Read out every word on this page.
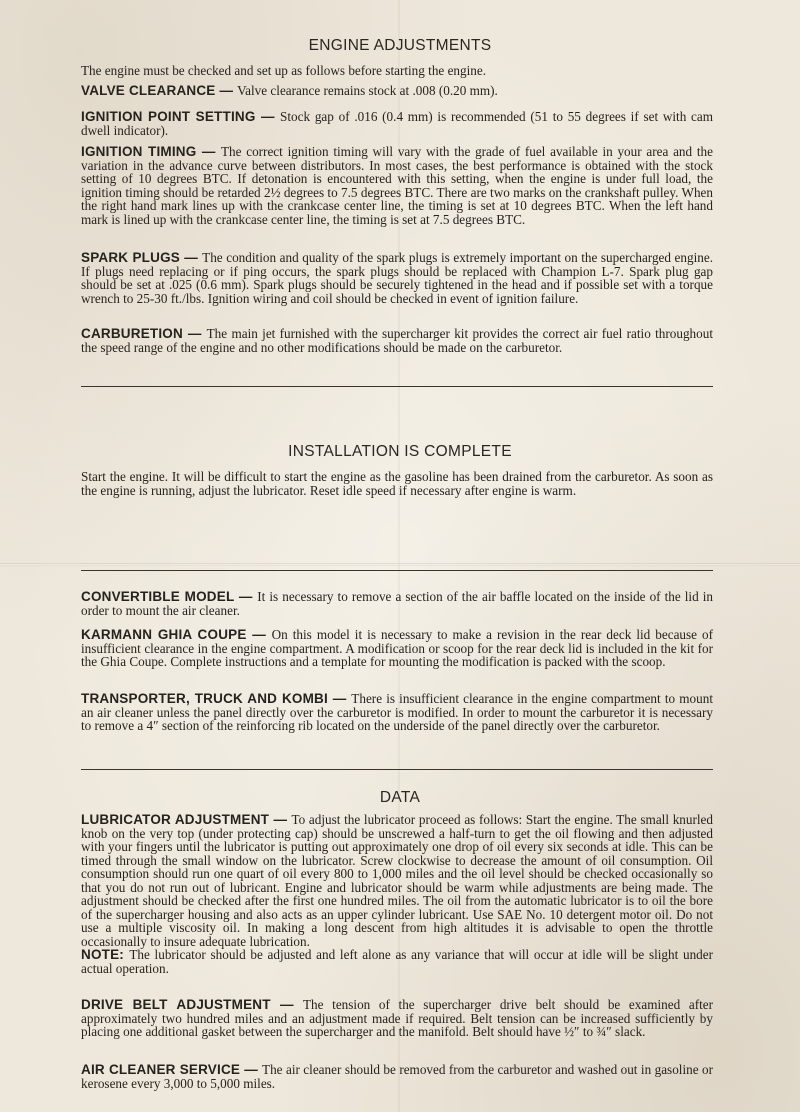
ENGINE ADJUSTMENTS
The engine must be checked and set up as follows before starting the engine.
VALVE CLEARANCE — Valve clearance remains stock at .008 (0.20 mm).
IGNITION POINT SETTING — Stock gap of .016 (0.4 mm) is recommended (51 to 55 degrees if set with cam dwell indicator).
IGNITION TIMING — The correct ignition timing will vary with the grade of fuel available in your area and the variation in the advance curve between distributors. In most cases, the best performance is obtained with the stock setting of 10 degrees BTC. If detonation is encountered with this setting, when the engine is under full load, the ignition timing should be retarded 2½ degrees to 7.5 degrees BTC. There are two marks on the crankshaft pulley. When the right hand mark lines up with the crankcase center line, the timing is set at 10 degrees BTC. When the left hand mark is lined up with the crankcase center line, the timing is set at 7.5 degrees BTC.
SPARK PLUGS — The condition and quality of the spark plugs is extremely important on the supercharged engine. If plugs need replacing or if ping occurs, the spark plugs should be replaced with Champion L-7. Spark plug gap should be set at .025 (0.6 mm). Spark plugs should be securely tightened in the head and if possible set with a torque wrench to 25-30 ft./lbs. Ignition wiring and coil should be checked in event of ignition failure.
CARBURETION — The main jet furnished with the supercharger kit provides the correct air fuel ratio throughout the speed range of the engine and no other modifications should be made on the carburetor.
INSTALLATION IS COMPLETE
Start the engine. It will be difficult to start the engine as the gasoline has been drained from the carburetor. As soon as the engine is running, adjust the lubricator. Reset idle speed if necessary after engine is warm.
CONVERTIBLE MODEL — It is necessary to remove a section of the air baffle located on the inside of the lid in order to mount the air cleaner.
KARMANN GHIA COUPE — On this model it is necessary to make a revision in the rear deck lid because of insufficient clearance in the engine compartment. A modification or scoop for the rear deck lid is included in the kit for the Ghia Coupe. Complete instructions and a template for mounting the modification is packed with the scoop.
TRANSPORTER, TRUCK AND KOMBI — There is insufficient clearance in the engine compartment to mount an air cleaner unless the panel directly over the carburetor is modified. In order to mount the carburetor it is necessary to remove a 4″ section of the reinforcing rib located on the underside of the panel directly over the carburetor.
DATA
LUBRICATOR ADJUSTMENT — To adjust the lubricator proceed as follows: Start the engine. The small knurled knob on the very top (under protecting cap) should be unscrewed a half-turn to get the oil flowing and then adjusted with your fingers until the lubricator is putting out approximately one drop of oil every six seconds at idle. This can be timed through the small window on the lubricator. Screw clockwise to decrease the amount of oil consumption. Oil consumption should run one quart of oil every 800 to 1,000 miles and the oil level should be checked occasionally so that you do not run out of lubricant. Engine and lubricator should be warm while adjustments are being made. The adjustment should be checked after the first one hundred miles. The oil from the automatic lubricator is to oil the bore of the supercharger housing and also acts as an upper cylinder lubricant. Use SAE No. 10 detergent motor oil. Do not use a multiple viscosity oil. In making a long descent from high altitudes it is advisable to open the throttle occasionally to insure adequate lubrication.
NOTE: The lubricator should be adjusted and left alone as any variance that will occur at idle will be slight under actual operation.
DRIVE BELT ADJUSTMENT — The tension of the supercharger drive belt should be examined after approximately two hundred miles and an adjustment made if required. Belt tension can be increased sufficiently by placing one additional gasket between the supercharger and the manifold. Belt should have ½″ to ¾″ slack.
AIR CLEANER SERVICE — The air cleaner should be removed from the carburetor and washed out in gasoline or kerosene every 3,000 to 5,000 miles.
